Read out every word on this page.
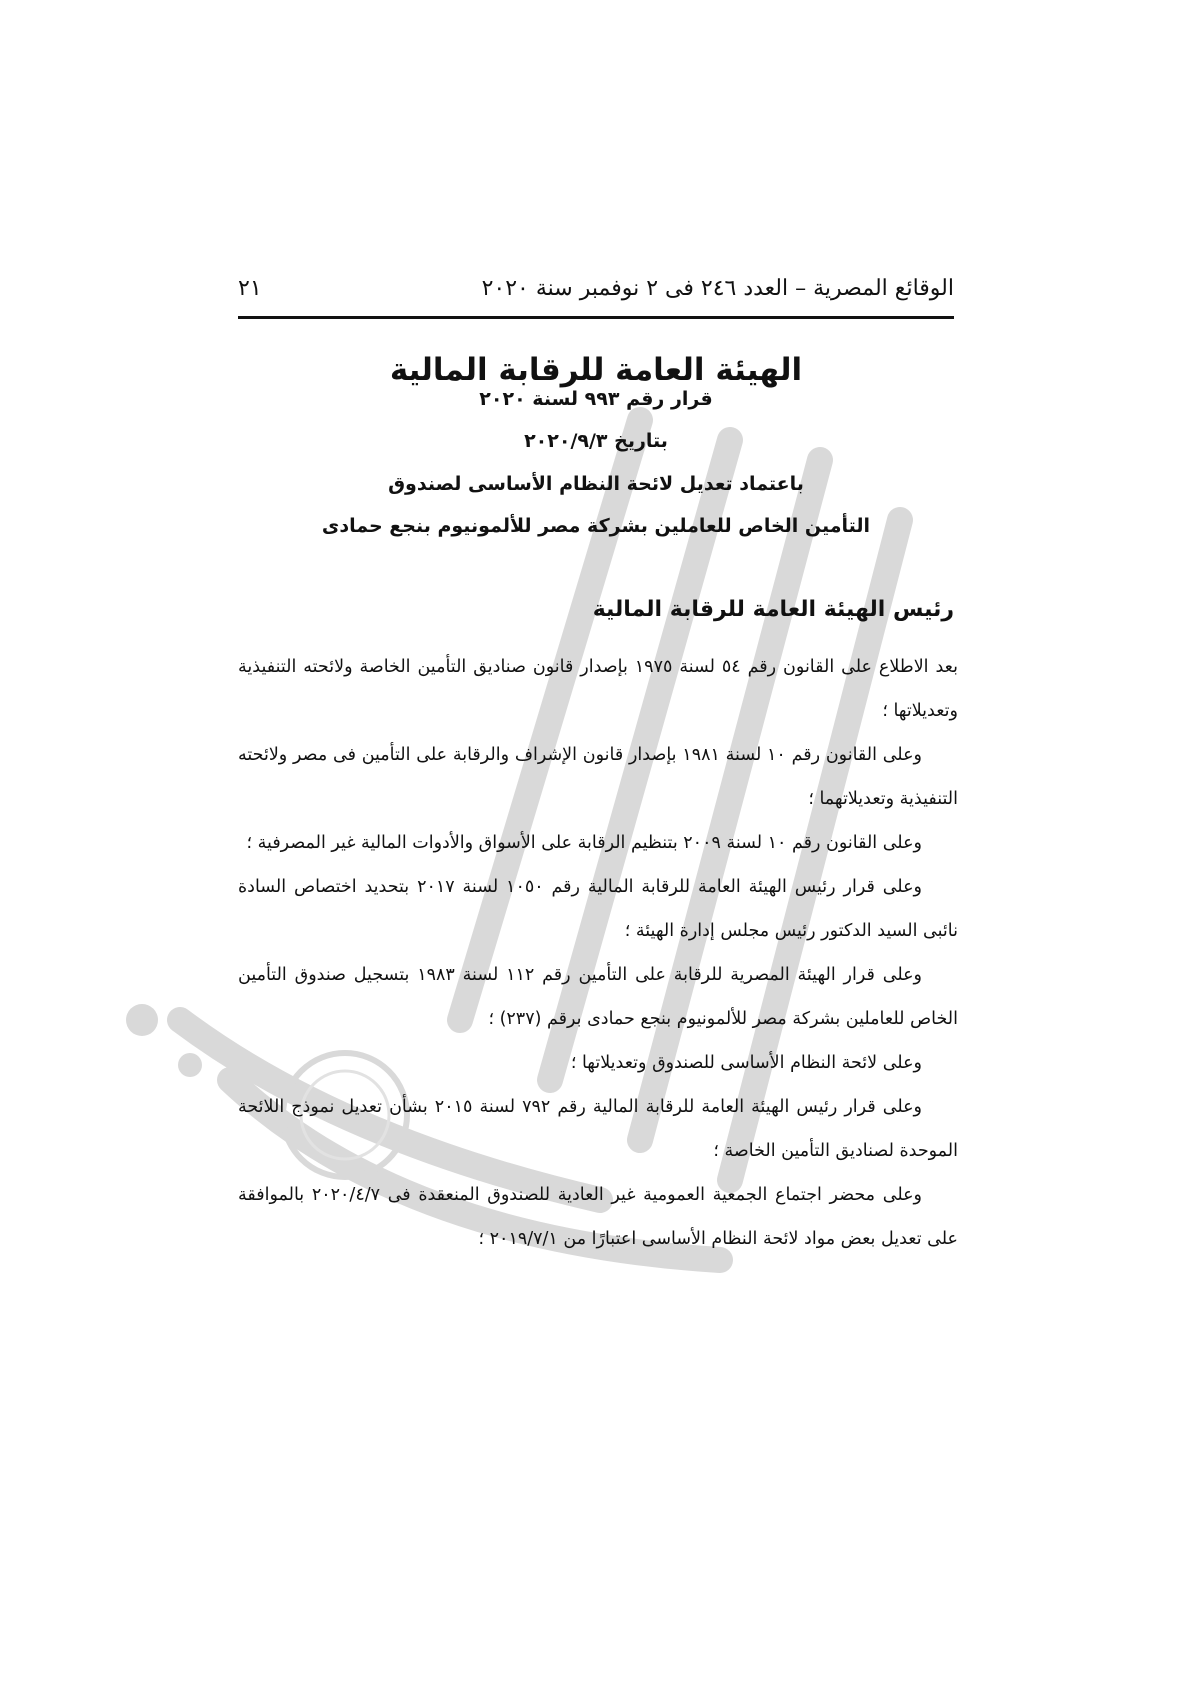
الوقائع المصرية – العدد ٢٤٦ فى ٢ نوفمبر سنة ٢٠٢٠
٢١
الهيئة العامة للرقابة المالية
قرار رقم ٩٩٣ لسنة ٢٠٢٠
بتاريخ ٢٠٢٠/٩/٣
باعتماد تعديل لائحة النظام الأساسى لصندوق
التأمين الخاص للعاملين بشركة مصر للألمونيوم بنجع حمادى
رئيس الهيئة العامة للرقابة المالية

بعد الاطلاع على القانون رقم ٥٤ لسنة ١٩٧٥ بإصدار قانون صناديق التأمين الخاصة ولائحته التنفيذية وتعديلاتها ؛

وعلى القانون رقم ١٠ لسنة ١٩٨١ بإصدار قانون الإشراف والرقابة على التأمين فى مصر ولائحته التنفيذية وتعديلاتهما ؛

وعلى القانون رقم ١٠ لسنة ٢٠٠٩ بتنظيم الرقابة على الأسواق والأدوات المالية غير المصرفية ؛

وعلى قرار رئيس الهيئة العامة للرقابة المالية رقم ١٠٥٠ لسنة ٢٠١٧ بتحديد اختصاص السادة نائبى السيد الدكتور رئيس مجلس إدارة الهيئة ؛

وعلى قرار الهيئة المصرية للرقابة على التأمين رقم ١١٢ لسنة ١٩٨٣ بتسجيل صندوق التأمين الخاص للعاملين بشركة مصر للألمونيوم بنجع حمادى برقم (٢٣٧) ؛

وعلى لائحة النظام الأساسى للصندوق وتعديلاتها ؛

وعلى قرار رئيس الهيئة العامة للرقابة المالية رقم ٧٩٢ لسنة ٢٠١٥ بشأن تعديل نموذج اللائحة الموحدة لصناديق التأمين الخاصة ؛

وعلى محضر اجتماع الجمعية العمومية غير العادية للصندوق المنعقدة فى ٢٠٢٠/٤/٧ بالموافقة على تعديل بعض مواد لائحة النظام الأساسى اعتبارًا من ٢٠١٩/٧/١ ؛
